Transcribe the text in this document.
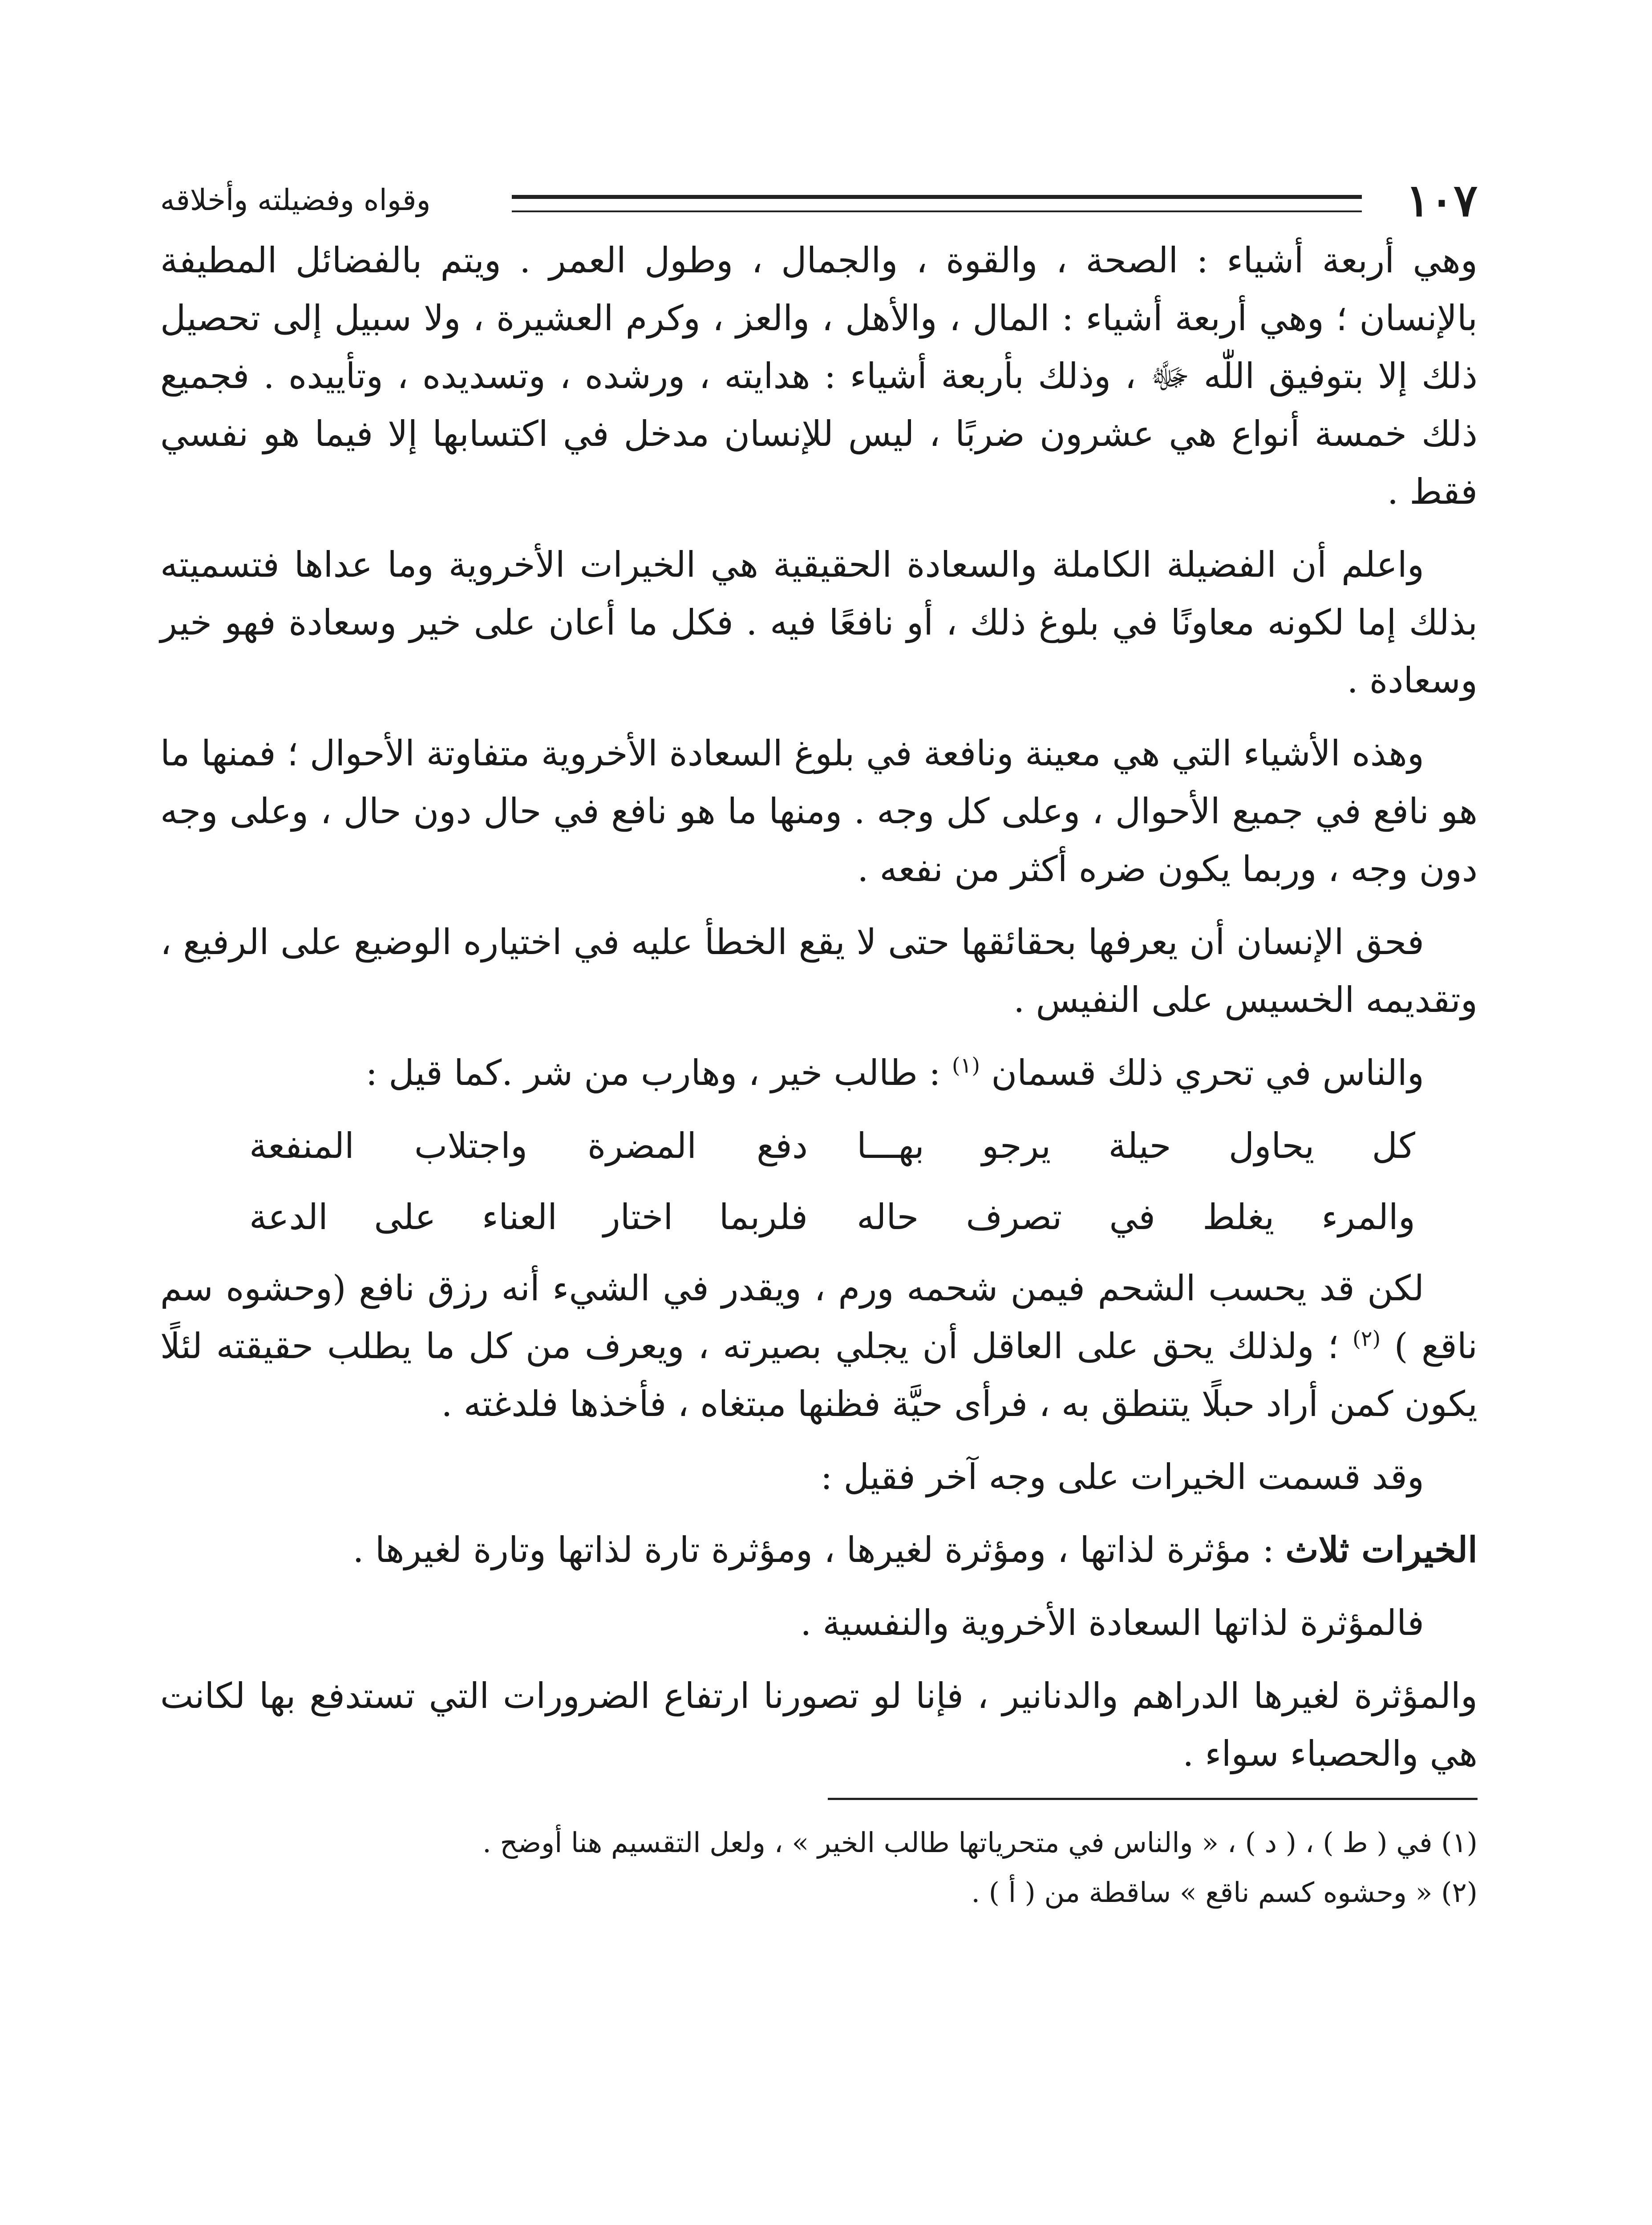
١٠٧
وقواه وفضيلته وأخلاقه

وهي أربعة أشياء : الصحة ، والقوة ، والجمال ، وطول العمر . ويتم بالفضائل المطيفة بالإنسان ؛ وهي أربعة أشياء : المال ، والأهل ، والعز ، وكرم العشيرة ، ولا سبيل إلى تحصيل ذلك إلا بتوفيق اللّٰه ﷻ ، وذلك بأربعة أشياء : هدايته ، ورشده ، وتسديده ، وتأييده . فجميع ذلك خمسة أنواع هي عشرون ضربًا ، ليس للإنسان مدخل في اكتسابها إلا فيما هو نفسي فقط .

واعلم أن الفضيلة الكاملة والسعادة الحقيقية هي الخيرات الأخروية وما عداها فتسميته بذلك إما لكونه معاونًا في بلوغ ذلك ، أو نافعًا فيه . فكل ما أعان على خير وسعادة فهو خير وسعادة .

وهذه الأشياء التي هي معينة ونافعة في بلوغ السعادة الأخروية متفاوتة الأحوال ؛ فمنها ما هو نافع في جميع الأحوال ، وعلى كل وجه . ومنها ما هو نافع في حال دون حال ، وعلى وجه دون وجه ، وربما يكون ضره أكثر من نفعه .

فحق الإنسان أن يعرفها بحقائقها حتى لا يقع الخطأ عليه في اختياره الوضيع على الرفيع ، وتقديمه الخسيس على النفيس .

والناس في تحري ذلك قسمان $^{(١)}$ : طالب خير ، وهارب من شر .كما قيل :

كل يحاول حيلة يرجو بهـــا
دفع المضرة واجتلاب المنفعة
والمرء يغلط في تصرف حاله
فلربما اختار العناء على الدعة

لكن قد يحسب الشحم فيمن شحمه ورم ، ويقدر في الشيء أنه رزق نافع (وحشوه سم ناقع ) $^{(٢)}$ ؛ ولذلك يحق على العاقل أن يجلي بصيرته ، ويعرف من كل ما يطلب حقيقته لئلًا يكون كمن أراد حبلًا يتنطق به ، فرأى حيَّة فظنها مبتغاه ، فأخذها فلدغته .

وقد قسمت الخيرات على وجه آخر فقيل :

الخيرات ثلاث : مؤثرة لذاتها ، ومؤثرة لغيرها ، ومؤثرة تارة لذاتها وتارة لغيرها .

فالمؤثرة لذاتها السعادة الأخروية والنفسية .

والمؤثرة لغيرها الدراهم والدنانير ، فإنا لو تصورنا ارتفاع الضرورات التي تستدفع بها لكانت هي والحصباء سواء .

(١) في ( ط ) ، ( د ) ، « والناس في متحرياتها طالب الخير » ، ولعل التقسيم هنا أوضح .

(٢) « وحشوه كسم ناقع » ساقطة من ( أ ) .
